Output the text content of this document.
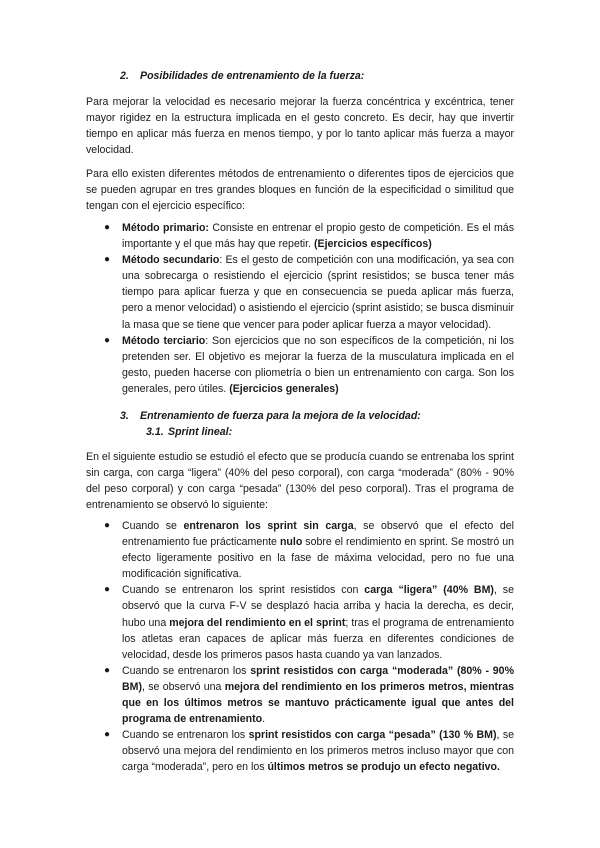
2. Posibilidades de entrenamiento de la fuerza:

Para mejorar la velocidad es necesario mejorar la fuerza concéntrica y excéntrica, tener mayor rigidez en la estructura implicada en el gesto concreto. Es decir, hay que invertir tiempo en aplicar más fuerza en menos tiempo, y por lo tanto aplicar más fuerza a mayor velocidad.

Para ello existen diferentes métodos de entrenamiento o diferentes tipos de ejercicios que se pueden agrupar en tres grandes bloques en función de la especificidad o similitud que tengan con el ejercicio específico:

● Método primario: Consiste en entrenar el propio gesto de competición. Es el más importante y el que más hay que repetir. (Ejercicios específicos)
● Método secundario: Es el gesto de competición con una modificación, ya sea con una sobrecarga o resistiendo el ejercicio (sprint resistidos; se busca tener más tiempo para aplicar fuerza y que en consecuencia se pueda aplicar más fuerza, pero a menor velocidad) o asistiendo el ejercicio (sprint asistido; se busca disminuir la masa que se tiene que vencer para poder aplicar fuerza a mayor velocidad).
● Método terciario: Son ejercicios que no son específicos de la competición, ni los pretenden ser. El objetivo es mejorar la fuerza de la musculatura implicada en el gesto, pueden hacerse con pliometría o bien un entrenamiento con carga. Son los generales, pero útiles. (Ejercicios generales)
3. Entrenamiento de fuerza para la mejora de la velocidad:
3.1. Sprint lineal:

En el siguiente estudio se estudió el efecto que se producía cuando se entrenaba los sprint sin carga, con carga “ligera” (40% del peso corporal), con carga “moderada” (80% - 90% del peso corporal) y con carga “pesada” (130% del peso corporal). Tras el programa de entrenamiento se observó lo siguiente:

● Cuando se entrenaron los sprint sin carga, se observó que el efecto del entrenamiento fue prácticamente nulo sobre el rendimiento en sprint. Se mostró un efecto ligeramente positivo en la fase de máxima velocidad, pero no fue una modificación significativa.
● Cuando se entrenaron los sprint resistidos con carga “ligera” (40% BM), se observó que la curva F-V se desplazó hacia arriba y hacia la derecha, es decir, hubo una mejora del rendimiento en el sprint; tras el programa de entrenamiento los atletas eran capaces de aplicar más fuerza en diferentes condiciones de velocidad, desde los primeros pasos hasta cuando ya van lanzados.
● Cuando se entrenaron los sprint resistidos con carga “moderada” (80% - 90% BM), se observó una mejora del rendimiento en los primeros metros, mientras que en los últimos metros se mantuvo prácticamente igual que antes del programa de entrenamiento.
● Cuando se entrenaron los sprint resistidos con carga “pesada” (130 % BM), se observó una mejora del rendimiento en los primeros metros incluso mayor que con carga “moderada”, pero en los últimos metros se produjo un efecto negativo.
